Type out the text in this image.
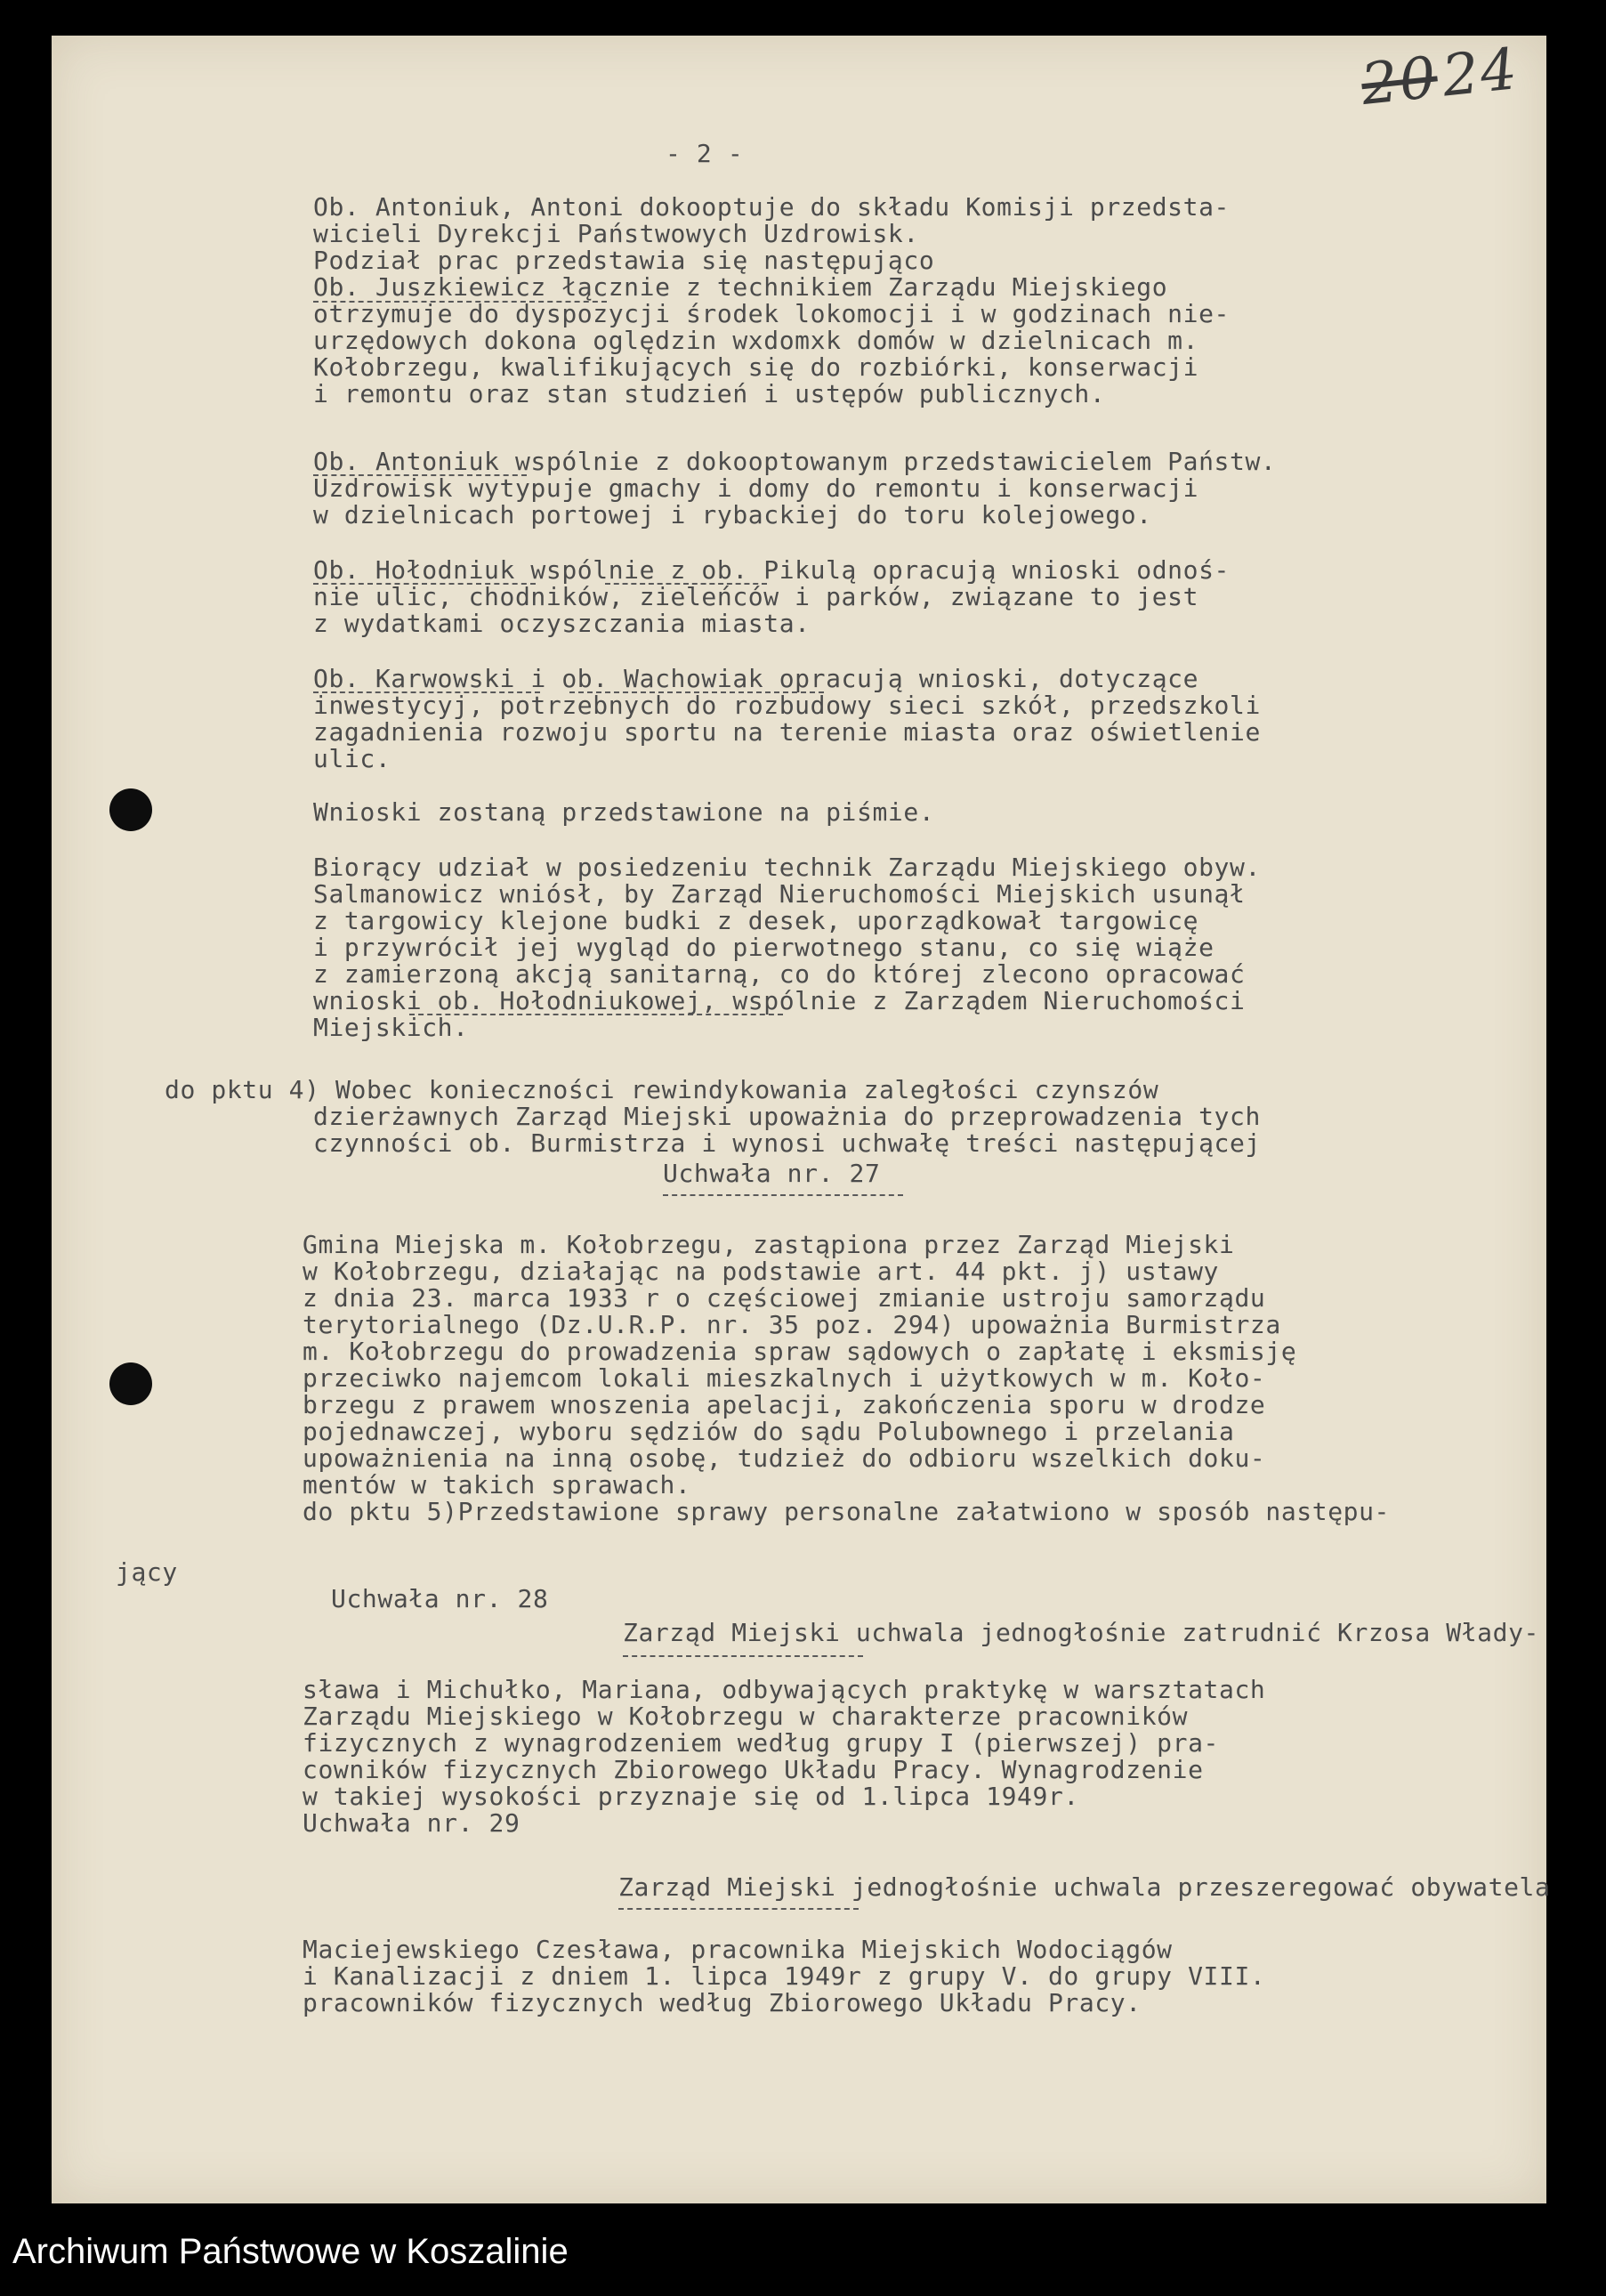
2024
- 2 -
Ob. Antoniuk, Antoni dokooptuje do składu Komisji przedsta-
wicieli Dyrekcji Państwowych Uzdrowisk.
Podział prac przedstawia się następująco
Ob. Juszkiewicz łącznie z technikiem Zarządu Miejskiego
otrzymuje do dyspozycji środek lokomocji i w godzinach nie-
urzędowych dokona oględzin wxdomxk domów w dzielnicach m.
Kołobrzegu, kwalifikujących się do rozbiórki, konserwacji
i remontu oraz stan studzień i ustępów publicznych.
Ob. Antoniuk wspólnie z dokooptowanym przedstawicielem Państw.
Uzdrowisk wytypuje gmachy i domy do remontu i konserwacji
w dzielnicach portowej i rybackiej do toru kolejowego.
Ob. Hołodniuk wspólnie z ob. Pikulą opracują wnioski odnoś-
nie ulic, chodników, zieleńców i parków, związane to jest
z wydatkami oczyszczania miasta.
Ob. Karwowski i ob. Wachowiak opracują wnioski, dotyczące
inwestycyj, potrzebnych do rozbudowy sieci szkół, przedszkoli
zagadnienia rozwoju sportu na terenie miasta oraz oświetlenie
ulic.
Wnioski zostaną przedstawione na piśmie.
Biorący udział w posiedzeniu technik Zarządu Miejskiego obyw.
Salmanowicz wniósł, by Zarząd Nieruchomości Miejskich usunął
z targowicy klejone budki z desek, uporządkował targowicę
i przywrócił jej wygląd do pierwotnego stanu, co się wiąże
z zamierzoną akcją sanitarną, co do której zlecono opracować
wnioski ob. Hołodniukowej, wspólnie z Zarządem Nieruchomości
Miejskich.
do pktu 4) Wobec konieczności rewindykowania zaległości czynszów
dzierżawnych Zarząd Miejski upoważnia do przeprowadzenia tych
czynności ob. Burmistrza i wynosi uchwałę treści następującej
Uchwała nr. 27
Gmina Miejska m. Kołobrzegu, zastąpiona przez Zarząd Miejski
w Kołobrzegu, działając na podstawie art. 44 pkt. j) ustawy
z dnia 23. marca 1933 r o częściowej zmianie ustroju samorządu
terytorialnego (Dz.U.R.P. nr. 35 poz. 294) upoważnia Burmistrza
m. Kołobrzegu do prowadzenia spraw sądowych o zapłatę i eksmisję
przeciwko najemcom lokali mieszkalnych i użytkowych w m. Koło-
brzegu z prawem wnoszenia apelacji, zakończenia sporu w drodze
pojednawczej, wyboru sędziów do sądu Polubownego i przelania
upoważnienia na inną osobę, tudzież do odbioru wszelkich doku-
mentów w takich sprawach.
do pktu 5)Przedstawione sprawy personalne załatwiono w sposób następu-
jący
Uchwała nr. 28
Zarząd Miejski uchwala jednogłośnie zatrudnić Krzosa Włady-
sława i Michułko, Mariana, odbywających praktykę w warsztatach
Zarządu Miejskiego w Kołobrzegu w charakterze pracowników
fizycznych z wynagrodzeniem według grupy I (pierwszej) pra-
cowników fizycznych Zbiorowego Układu Pracy. Wynagrodzenie
w takiej wysokości przyznaje się od 1.lipca 1949r.
Uchwała nr. 29
Zarząd Miejski jednogłośnie uchwala przeszeregować obywatela
Maciejewskiego Czesława, pracownika Miejskich Wodociągów
i Kanalizacji z dniem 1. lipca 1949r z grupy V. do grupy VIII.
pracowników fizycznych według Zbiorowego Układu Pracy.
Archiwum Państwowe w Koszalinie
